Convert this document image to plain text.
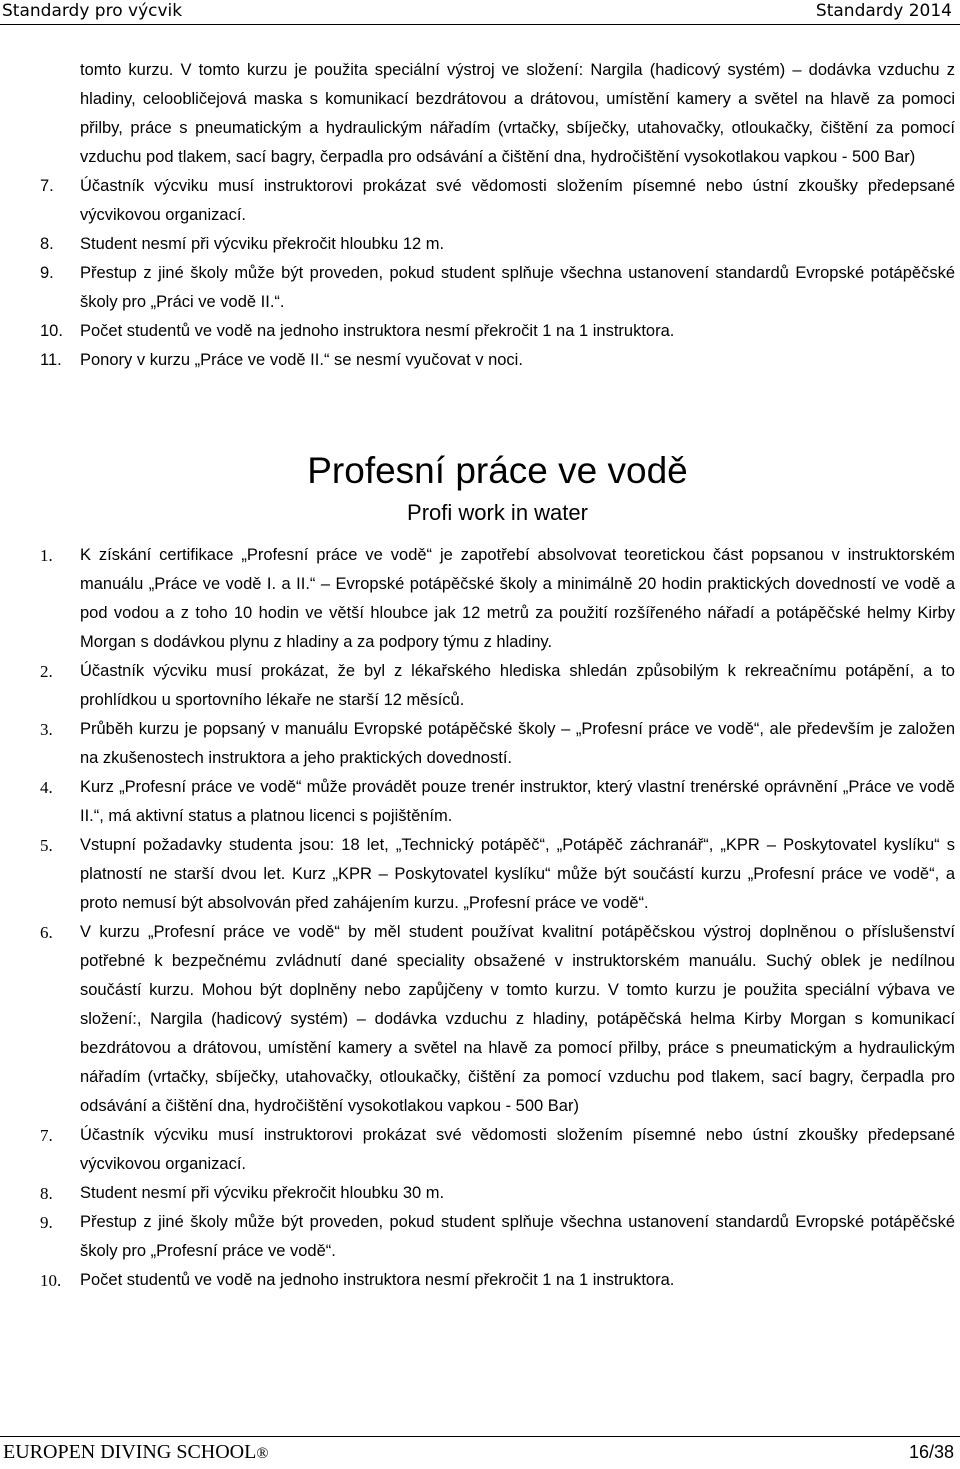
Standardy pro výcvik	Standardy 2014
tomto kurzu. V tomto kurzu je použita speciální výstroj ve složení: Nargila (hadicový systém) – dodávka vzduchu z hladiny, celoobličejová maska s komunikací bezdrátovou a drátovou, umístění kamery a světel na hlavě za pomoci přilby, práce s pneumatickým a hydraulickým nářadím (vrtačky, sbíječky, utahovačky, otloukačky, čištění za pomocí vzduchu pod tlakem, sací bagry, čerpadla pro odsávání a čištění dna, hydročištění vysokotlakou vapkou - 500 Bar)
7.	Účastník výcviku musí instruktorovi prokázat své vědomosti složením písemné nebo ústní zkoušky předepsané výcvikovou organizací.
8.	Student nesmí při výcviku překročit hloubku 12 m.
9.	Přestup z jiné školy může být proveden, pokud student splňuje všechna ustanovení standardů Evropské potápěčské školy pro „Práci ve vodě II.“.
10.	Počet studentů ve vodě na jednoho instruktora nesmí překročit 1 na 1 instruktora.
11.	Ponory v kurzu „Práce ve vodě II.“ se nesmí vyučovat v noci.
Profesní práce ve vodě
Profi work in water
1.	K získání certifikace „Profesní práce ve vodě“ je zapotřebí absolvovat teoretickou část popsanou v instruktorském manuálu „Práce ve vodě I. a II.“ – Evropské potápěčské školy a minimálně 20 hodin praktických dovedností ve vodě a pod vodou a z toho 10 hodin ve větší hloubce jak 12 metrů za použití rozšířeného nářadí a potápěčské helmy Kirby Morgan s dodávkou plynu z hladiny a za podpory týmu z hladiny.
2.	Účastník výcviku musí prokázat, že byl z lékařského hlediska shledán způsobilým k rekreačnímu potápění, a to prohlídkou u sportovního lékaře ne starší 12 měsíců.
3.	Průběh kurzu je popsaný v manuálu Evropské potápěčské školy – „Profesní práce ve vodě“, ale především je založen na zkušenostech instruktora a jeho praktických dovedností.
4.	Kurz „Profesní práce ve vodě“ může provádět pouze trenér instruktor, který vlastní trenérské oprávnění „Práce ve vodě II.“, má aktivní status a platnou licenci s pojištěním.
5.	Vstupní požadavky studenta jsou: 18 let, „Technický potápěč“, „Potápěč záchranář“, „KPR – Poskytovatel kyslíku“ s platností ne starší dvou let. Kurz „KPR – Poskytovatel kyslíku“ může být součástí kurzu „Profesní práce ve vodě“, a proto nemusí být absolvován před zahájením kurzu. „Profesní práce ve vodě“.
6.	V kurzu „Profesní práce ve vodě“ by měl student používat kvalitní potápěčskou výstroj doplněnou o příslušenství potřebné k bezpečnému zvládnutí dané speciality obsažené v instruktorském manuálu. Suchý oblek je nedílnou součástí kurzu. Mohou být doplněny nebo zapůjčeny v tomto kurzu. V tomto kurzu je použita speciální výbava ve složení:, Nargila (hadicový systém) – dodávka vzduchu z hladiny, potápěčská helma Kirby Morgan s komunikací bezdrátovou a drátovou, umístění kamery a světel na hlavě za pomocí přilby, práce s pneumatickým a hydraulickým nářadím (vrtačky, sbíječky, utahovačky, otloukačky, čištění za pomocí vzduchu pod tlakem, sací bagry, čerpadla pro odsávání a čištění dna, hydročištění vysokotlakou vapkou - 500 Bar)
7.	Účastník výcviku musí instruktorovi prokázat své vědomosti složením písemné nebo ústní zkoušky předepsané výcvikovou organizací.
8.	Student nesmí při výcviku překročit hloubku 30 m.
9.	Přestup z jiné školy může být proveden, pokud student splňuje všechna ustanovení standardů Evropské potápěčské školy pro „Profesní práce ve vodě“.
10.	Počet studentů ve vodě na jednoho instruktora nesmí překročit 1 na 1 instruktora.
EUROPEN DIVING SCHOOL®	16/38
